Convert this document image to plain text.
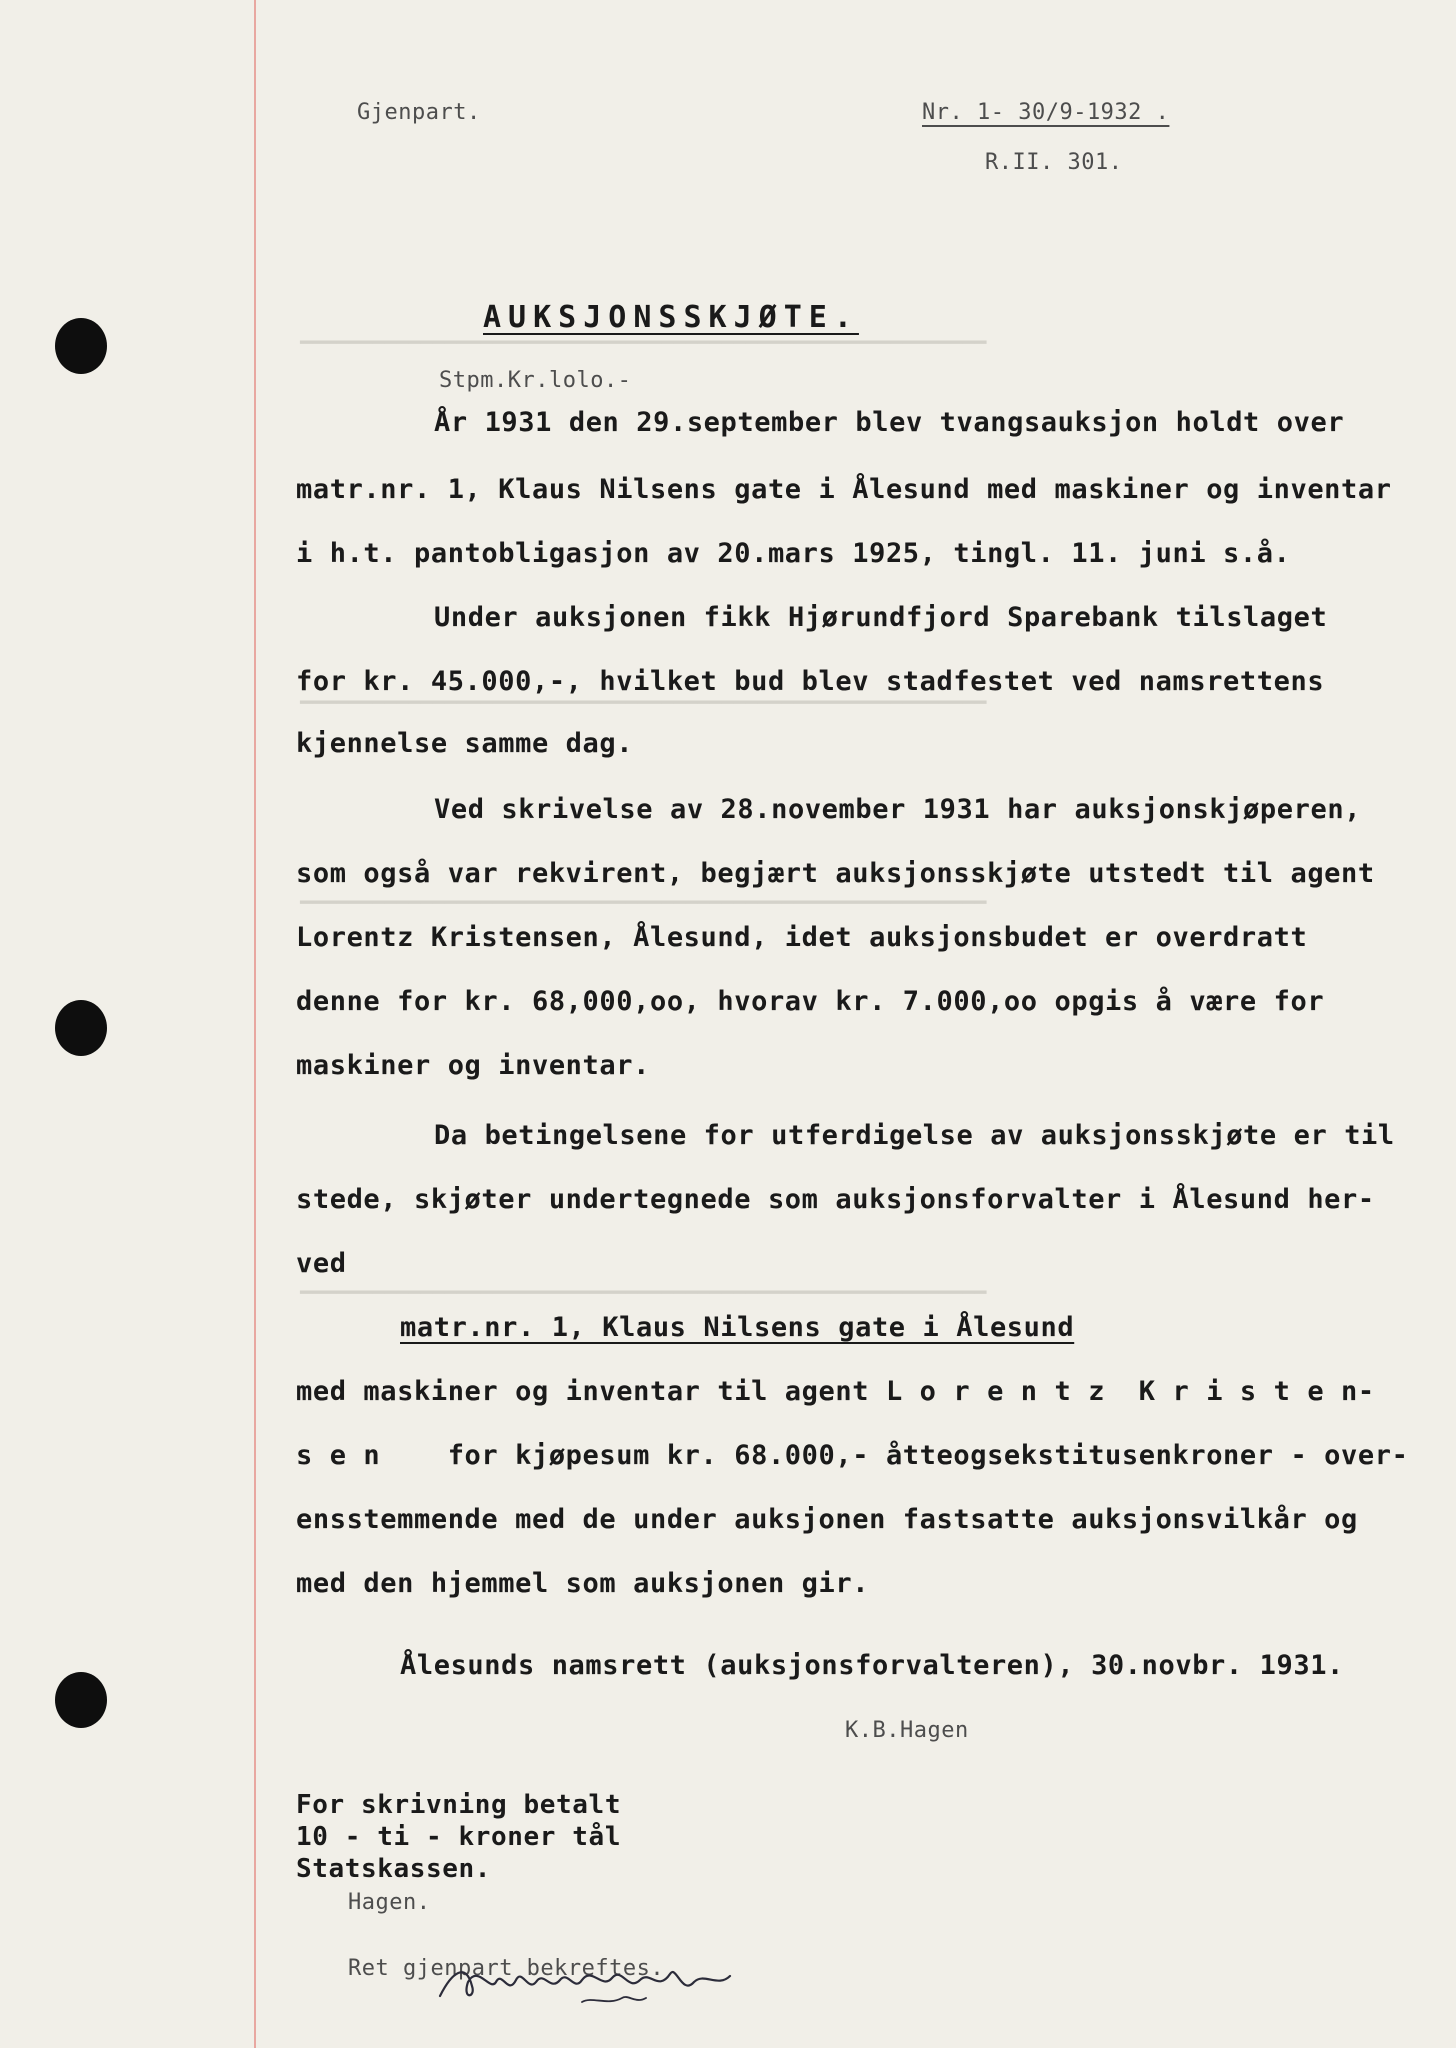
━━━━━━━━━━━━━━━━━━━━━━━━━━━━━━━━━━━━━━━━━━━━━━━━━━━━━━━━━
━━━━━━━━━━━━━━━━━━━━━━━━━━━━━━━━━━━━━━━━━━━━━━━━━━━━━━━━━
━━━━━━━━━━━━━━━━━━━━━━━━━━━━━━━━━━━━━━━━━━━━━━━━━━━━━━━━━
━━━━━━━━━━━━━━━━━━━━━━━━━━━━━━━━━━━━━━━━━━━━━━━━━━━━━━━━━
Gjenpart.	Nr. 1- 30/9-1932 .
R.II. 301.
AUKSJONSSKJØTE.
Stpm.Kr.lolo.-
År 1931 den 29.september blev tvangsauksjon holdt over
matr.nr. 1, Klaus Nilsens gate i Ålesund med maskiner og inventar
i h.t. pantobligasjon av 20.mars 1925, tingl. 11. juni s.å.
Under auksjonen fikk Hjørundfjord Sparebank tilslaget
for kr. 45.000,-, hvilket bud blev stadfestet ved namsrettens
kjennelse samme dag.
Ved skrivelse av 28.november 1931 har auksjonskjøperen,
som også var rekvirent, begjært auksjonsskjøte utstedt til agent
Lorentz Kristensen, Ålesund, idet auksjonsbudet er overdratt
denne for kr. 68,000,oo, hvorav kr. 7.000,oo opgis å være for
maskiner og inventar.
Da betingelsene for utferdigelse av auksjonsskjøte er til
stede, skjøter undertegnede som auksjonsforvalter i Ålesund her-
ved
matr.nr. 1, Klaus Nilsens gate i Ålesund
med maskiner og inventar til agent L o r e n t z  K r i s t e n-
s e n    for kjøpesum kr. 68.000,- åtteogsekstitusenkroner - over-
ensstemmende med de under auksjonen fastsatte auksjonsvilkår og
med den hjemmel som auksjonen gir.
Ålesunds namsrett (auksjonsforvalteren), 30.novbr. 1931.
K.B.Hagen
For skrivning betalt
10 - ti - kroner tål
Statskassen.
Hagen.
Ret gjenpart bekreftes.
